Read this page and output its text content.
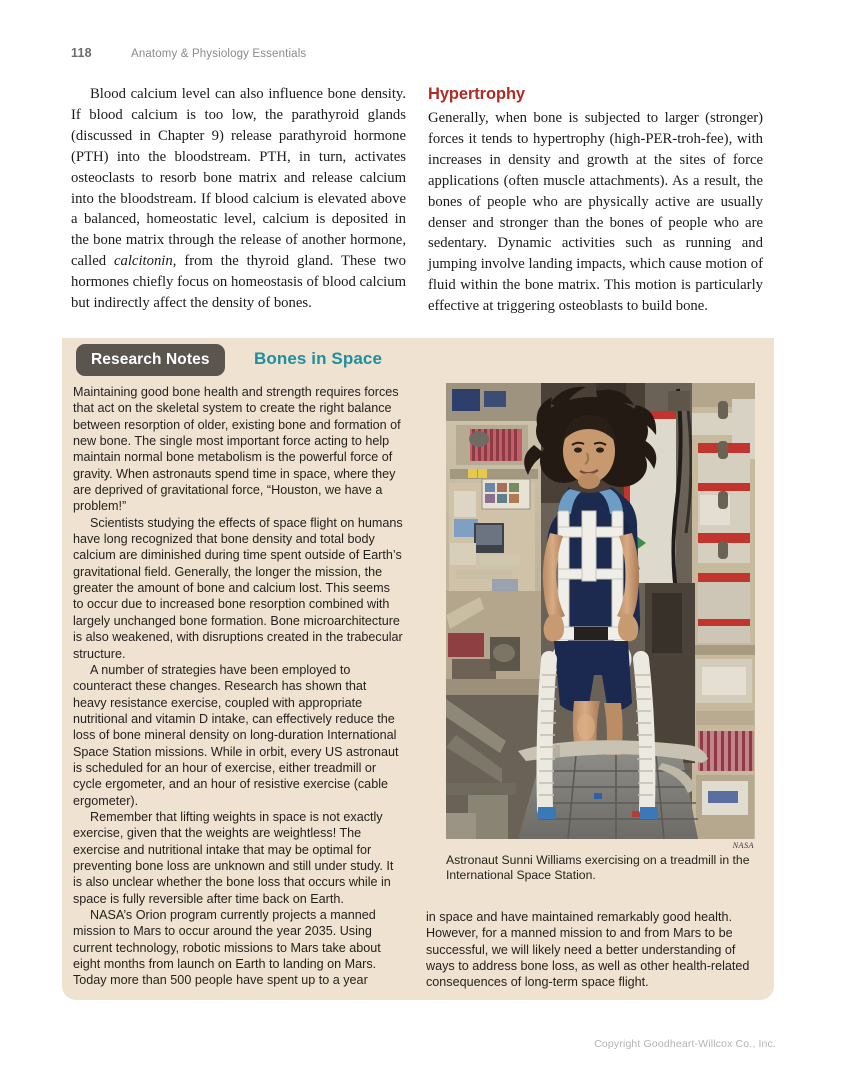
118	Anatomy & Physiology Essentials

Blood calcium level can also influence bone density. If blood calcium is too low, the parathyroid glands (discussed in Chapter 9) release parathyroid hormone (PTH) into the bloodstream. PTH, in turn, activates osteoclasts to resorb bone matrix and release calcium into the bloodstream. If blood calcium is elevated above a balanced, homeostatic level, calcium is deposited in the bone matrix through the release of another hormone, called calcitonin, from the thyroid gland. These two hormones chiefly focus on homeostasis of blood calcium but indirectly affect the density of bones.

Hypertrophy

Generally, when bone is subjected to larger (stronger) forces it tends to hypertrophy (high-PER-troh-fee), with increases in density and growth at the sites of force applications (often muscle attachments). As a result, the bones of people who are physically active are usually denser and stronger than the bones of people who are sedentary. Dynamic activities such as running and jumping involve landing impacts, which cause motion of fluid within the bone matrix. This motion is particularly effective at triggering osteoblasts to build bone.

Research Notes	Bones in Space

Maintaining good bone health and strength requires forces that act on the skeletal system to create the right balance between resorption of older, existing bone and formation of new bone. The single most important force acting to help maintain normal bone metabolism is the powerful force of gravity. When astronauts spend time in space, where they are deprived of gravitational force, “Houston, we have a problem!”

Scientists studying the effects of space flight on humans have long recognized that bone density and total body calcium are diminished during time spent outside of Earth’s gravitational field. Generally, the longer the mission, the greater the amount of bone and calcium lost. This seems to occur due to increased bone resorption combined with largely unchanged bone formation. Bone microarchitecture is also weakened, with disruptions created in the trabecular structure.

A number of strategies have been employed to counteract these changes. Research has shown that heavy resistance exercise, coupled with appropriate nutritional and vitamin D intake, can effectively reduce the loss of bone mineral density on long-duration International Space Station missions. While in orbit, every US astronaut is scheduled for an hour of exercise, either treadmill or cycle ergometer, and an hour of resistive exercise (cable ergometer).

Remember that lifting weights in space is not exactly exercise, given that the weights are weightless! The exercise and nutritional intake that may be optimal for preventing bone loss are unknown and still under study. It is also unclear whether the bone loss that occurs while in space is fully reversible after time back on Earth.

NASA’s Orion program currently projects a manned mission to Mars to occur around the year 2035. Using current technology, robotic missions to Mars take about eight months from launch on Earth to landing on Mars. Today more than 500 people have spent up to a year

NASA
Astronaut Sunni Williams exercising on a treadmill in the International Space Station.

in space and have maintained remarkably good health. However, for a manned mission to and from Mars to be successful, we will likely need a better understanding of ways to address bone loss, as well as other health-related consequences of long-term space flight.

Copyright Goodheart-Willcox Co., Inc.
